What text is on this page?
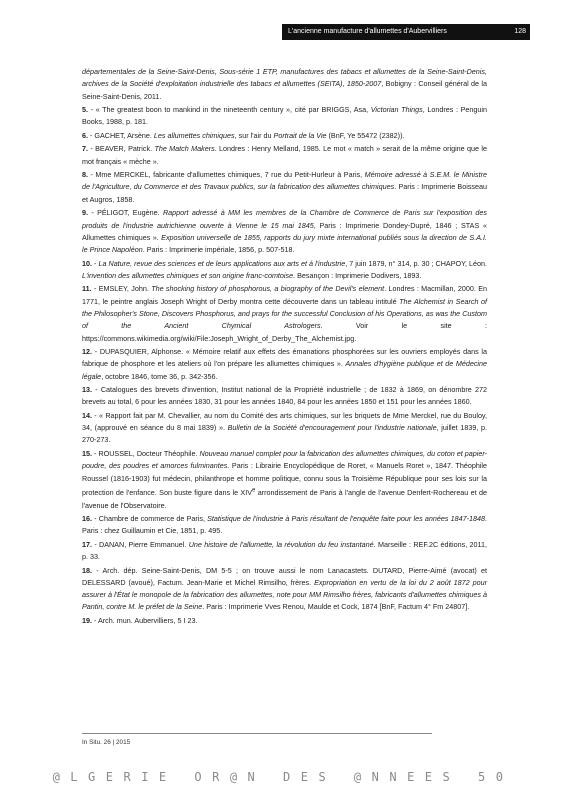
L'ancienne manufacture d'allumettes d'Aubervilliers	128

départementales de la Seine-Saint-Denis, Sous-série 1 ETP, manufactures des tabacs et allumettes de la Seine-Saint-Denis, archives de la Société d'exploitation industrielle des tabacs et allumettes (SEITA), 1850-2007, Bobigny : Conseil général de la Seine-Saint-Denis, 2011.

5. - « The greatest boon to mankind in the nineteenth century », cité par BRIGGS, Asa, Victorian Things, Londres : Penguin Books, 1988, p. 181.

6. - GACHET, Arsène. Les allumettes chimiques, sur l'air du Portrait de la Vie (BnF, Ye 55472 (2382)).

7. - BEAVER, Patrick. The Match Makers. Londres : Henry Melland, 1985. Le mot « match » serait de la même origine que le mot français « mèche ».

8. - Mme MERCKEL, fabricante d'allumettes chimiques, 7 rue du Petit-Hurleur à Paris, Mémoire adressé à S.E.M. le Ministre de l'Agriculture, du Commerce et des Travaux publics, sur la fabrication des allumettes chimiques. Paris : Imprimerie Boisseau et Augros, 1858.

9. - PÉLIGOT, Eugène. Rapport adressé à MM les membres de la Chambre de Commerce de Paris sur l'exposition des produits de l'industrie autrichienne ouverte à Vienne le 15 mai 1845, Paris : Imprimerie Dondey-Dupré, 1846 ; STAS « Allumettes chimiques ». Exposition universelle de 1855, rapports du jury mixte international publiés sous la direction de S.A.I. le Prince Napoléon. Paris : Imprimerie impériale, 1856, p. 507-518.

10. - La Nature, revue des sciences et de leurs applications aux arts et à l'industrie, 7 juin 1879, n° 314, p. 30 ; CHAPOY, Léon. L'invention des allumettes chimiques et son origine franc-comtoise. Besançon : Imprimerie Dodivers, 1893.

11. - EMSLEY, John. The shocking history of phosphorous, a biography of the Devil's element. Londres : Macmillan, 2000. En 1771, le peintre anglais Joseph Wright of Derby montra cette découverte dans un tableau intitulé The Alchemist in Search of the Philosopher's Stone, Discovers Phosphorus, and prays for the successful Conclusion of his Operations, as was the Custom of the Ancient Chymical Astrologers. Voir le site : https://commons.wikimedia.org/wiki/File:Joseph_Wright_of_Derby_The_Alchemist.jpg.

12. - DUPASQUIER, Alphonse. « Mémoire relatif aux effets des émanations phosphorées sur les ouvriers employés dans la fabrique de phosphore et les ateliers où l'on prépare les allumettes chimiques ». Annales d'hygiène publique et de Médecine légale, octobre 1846, tome 36, p. 342-356.

13. - Catalogues des brevets d'invention, Institut national de la Propriété industrielle ; de 1832 à 1869, on dénombre 272 brevets au total, 6 pour les années 1830, 31 pour les années 1840, 84 pour les années 1850 et 151 pour les années 1860.

14. - « Rapport fait par M. Chevallier, au nom du Comité des arts chimiques, sur les briquets de Mme Merckel, rue du Bouloy, 34, (approuvé en séance du 8 mai 1839) ». Bulletin de la Société d'encouragement pour l'industrie nationale, juillet 1839, p. 270-273.

15. - ROUSSEL, Docteur Théophile. Nouveau manuel complet pour la fabrication des allumettes chimiques, du coton et papier-poudre, des poudres et amorces fulminantes. Paris : Librairie Encyclopédique de Roret, « Manuels Roret », 1847. Théophile Roussel (1816-1903) fut médecin, philanthrope et homme politique, connu sous la Troisième République pour ses lois sur la protection de l'enfance. Son buste figure dans le XIVe arrondissement de Paris à l'angle de l'avenue Denfert-Rochereau et de l'avenue de l'Observatoire.

16. - Chambre de commerce de Paris, Statistique de l'industrie à Paris résultant de l'enquête faite pour les années 1847-1848. Paris : chez Guillaumin et Cie, 1851, p. 495.

17. - DANAN, Pierre Emmanuel. Une histoire de l'allumette, la révolution du feu instantané. Marseille : REF.2C éditions, 2011, p. 33.

18. - Arch. dép. Seine-Saint-Denis, DM 5-5 ; on trouve aussi le nom Lanacastets. DUTARD, Pierre-Aimé (avocat) et DELESSARD (avoué), Factum. Jean-Marie et Michel Rimsilho, frères. Expropriation en vertu de la loi du 2 août 1872 pour assurer à l'État le monopole de la fabrication des allumettes, note pour MM Rimsilho frères, fabricants d'allumettes chimiques à Pantin, contre M. le préfet de la Seine. Paris : Imprimerie Vves Renou, Maulde et Cock, 1874 [BnF, Factum 4° Fm 24807].

19. - Arch. mun. Aubervilliers, 5 I 23.

In Situ. 26 | 2015
@LGERIE OR@N DES @NNEES 50
